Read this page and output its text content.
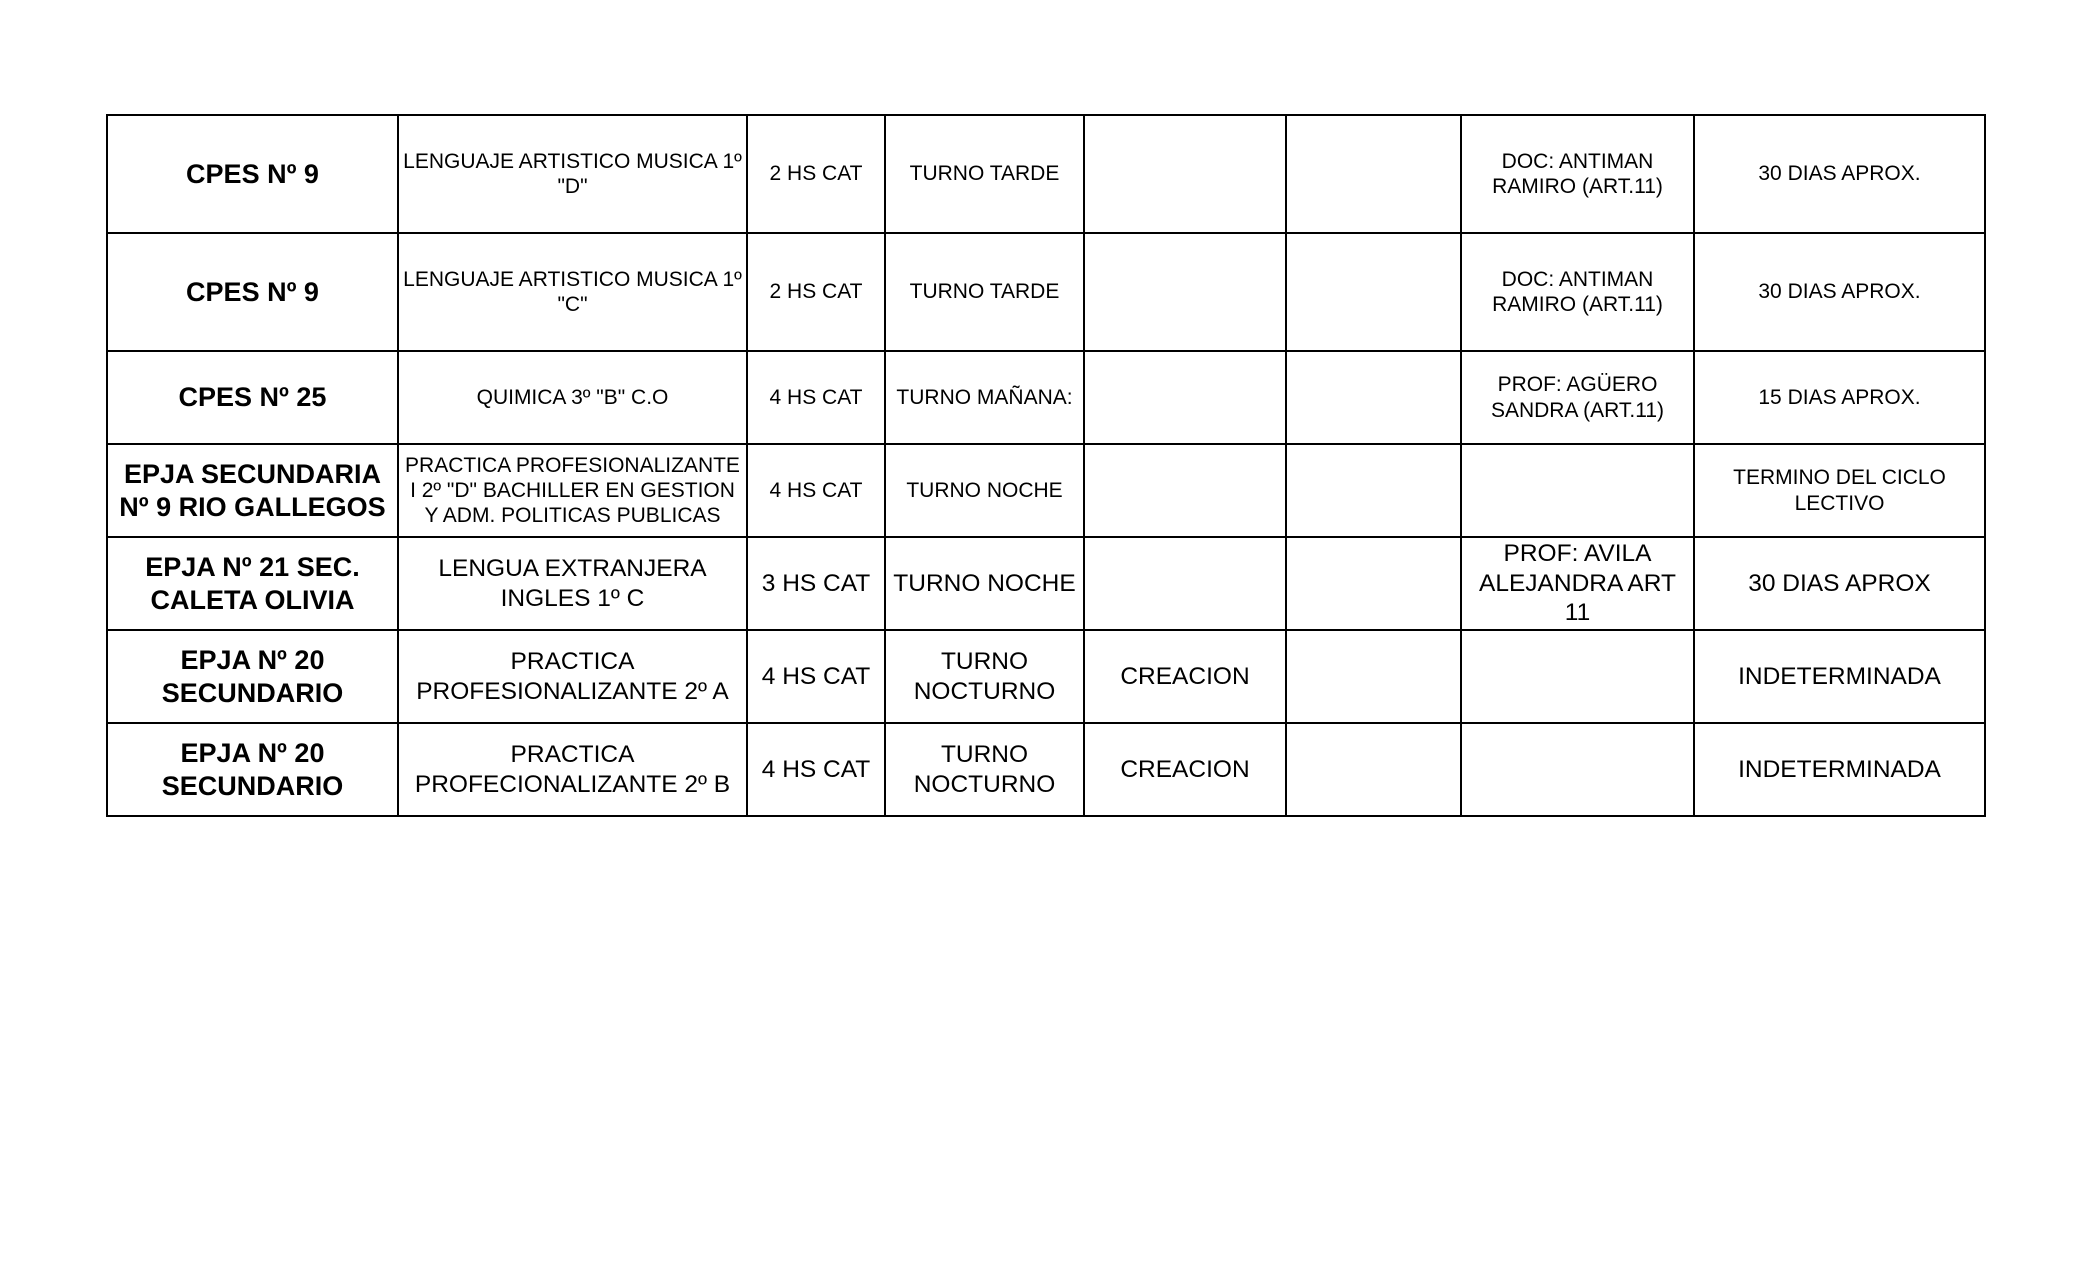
CPES Nº 9	LENGUAJE ARTISTICO MUSICA 1º "D"	2 HS CAT	TURNO TARDE			DOC: ANTIMAN RAMIRO (ART.11)	30 DIAS APROX.
CPES Nº 9	LENGUAJE ARTISTICO MUSICA 1º "C"	2 HS CAT	TURNO TARDE			DOC: ANTIMAN RAMIRO (ART.11)	30 DIAS APROX.
CPES Nº 25	QUIMICA 3º "B" C.O	4 HS CAT	TURNO MAÑANA:			PROF: AGÜERO SANDRA (ART.11)	15 DIAS APROX.
EPJA SECUNDARIA Nº 9 RIO GALLEGOS	PRACTICA PROFESIONALIZANTE I 2º "D" BACHILLER EN GESTION Y ADM. POLITICAS PUBLICAS	4 HS CAT	TURNO NOCHE				TERMINO DEL CICLO LECTIVO
EPJA Nº 21 SEC. CALETA OLIVIA	LENGUA EXTRANJERA INGLES 1º C	3 HS CAT	TURNO NOCHE			PROF: AVILA ALEJANDRA ART 11	30 DIAS APROX
EPJA Nº 20 SECUNDARIO	PRACTICA PROFESIONALIZANTE 2º A	4 HS CAT	TURNO NOCTURNO	CREACION			INDETERMINADA
EPJA Nº 20 SECUNDARIO	PRACTICA PROFECIONALIZANTE 2º B	4 HS CAT	TURNO NOCTURNO	CREACION			INDETERMINADA
